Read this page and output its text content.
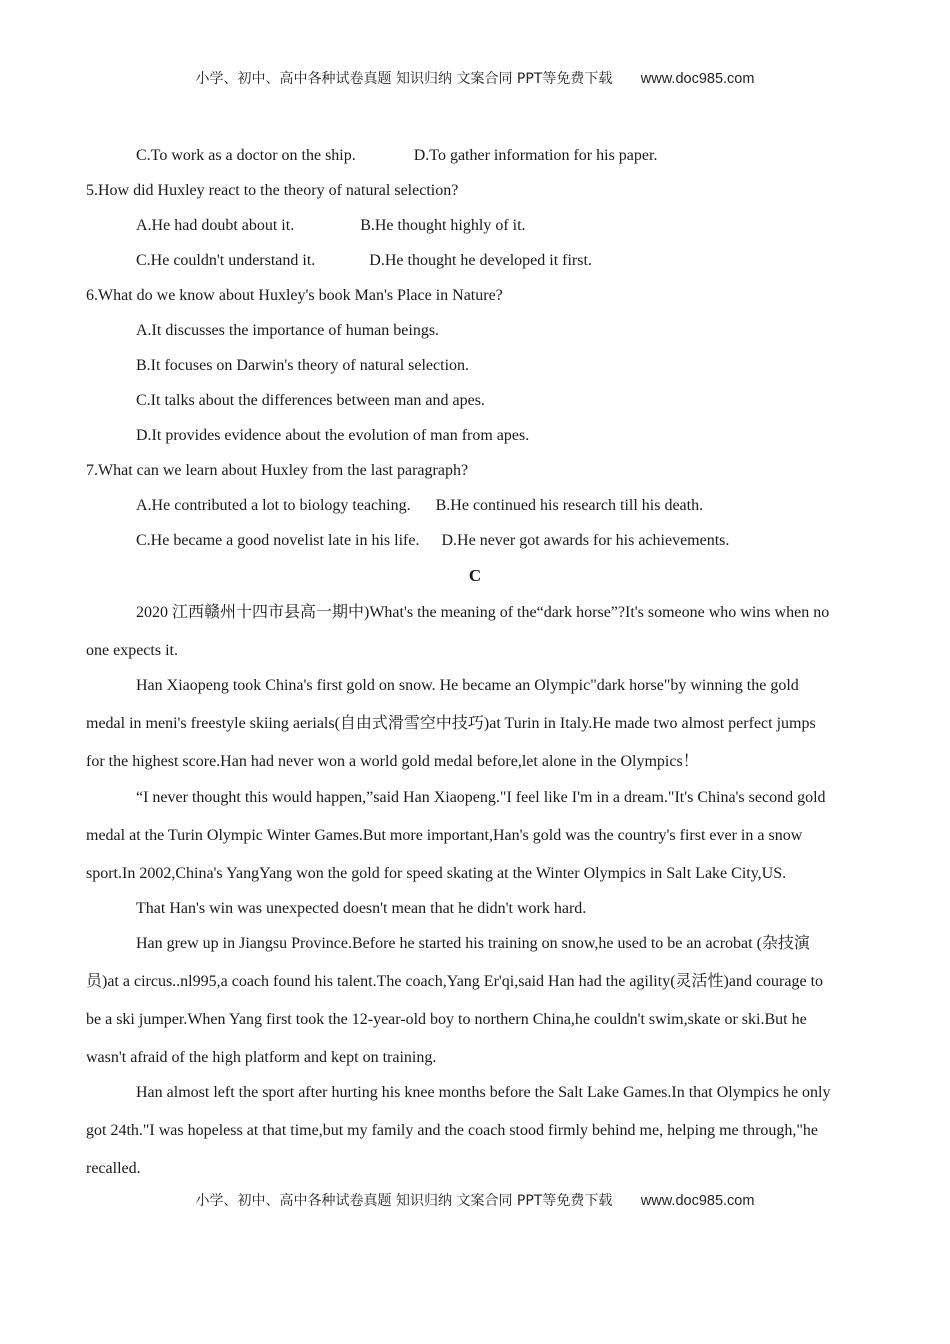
小学、初中、高中各种试卷真题 知识归纳 文案合同 PPT等免费下载 www.doc985.com
C.To work as a doctor on the ship.	D.To gather information for his paper.
5.How did Huxley react to the theory of natural selection?
A.He had doubt about it.	B.He thought highly of it.
C.He couldn't understand it.	D.He thought he developed it first.
6.What do we know about Huxley's book Man's Place in Nature?
A.It discusses the importance of human beings.
B.It focuses on Darwin's theory of natural selection.
C.It talks about the differences between man and apes.
D.It provides evidence about the evolution of man from apes.
7.What can we learn about Huxley from the last paragraph?
A.He contributed a lot to biology teaching. B.He continued his research till his death.
C.He became a good novelist late in his life. D.He never got awards for his achievements.
C
2020 江西赣州十四市县高一期中)What's the meaning of the“dark horse”?It's someone who wins when no
one expects it.
Han Xiaopeng took China's first gold on snow. He became an Olympic"dark horse"by winning the gold
medal in meni's freestyle skiing aerials(自由式滑雪空中技巧)at Turin in Italy.He made two almost perfect jumps
for the highest score.Han had never won a world gold medal before,let alone in the Olympics！
“I never thought this would happen,”said Han Xiaopeng."I feel like I'm in a dream."It's China's second gold
medal at the Turin Olympic Winter Games.But more important,Han's gold was the country's first ever in a snow
sport.In 2002,China's YangYang won the gold for speed skating at the Winter Olympics in Salt Lake City,US.
That Han's win was unexpected doesn't mean that he didn't work hard.
Han grew up in Jiangsu Province.Before he started his training on snow,he used to be an acrobat (杂技演
员)at a circus..nl995,a coach found his talent.The coach,Yang Er'qi,said Han had the agility(灵活性)and courage to
be a ski jumper.When Yang first took the 12-year-old boy to northern China,he couldn't swim,skate or ski.But he
wasn't afraid of the high platform and kept on training.
Han almost left the sport after hurting his knee months before the Salt Lake Games.In that Olympics he only
got 24th."I was hopeless at that time,but my family and the coach stood firmly behind me, helping me through,"he
recalled.
小学、初中、高中各种试卷真题 知识归纳 文案合同 PPT等免费下载 www.doc985.com
